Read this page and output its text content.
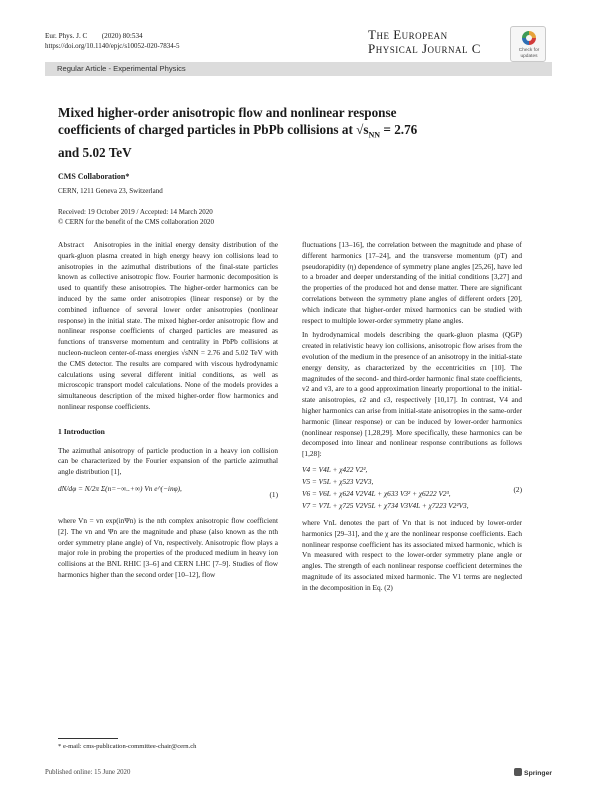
Eur. Phys. J. C (2020) 80:534
https://doi.org/10.1140/epjc/s10052-020-7834-5
The European
Physical Journal C	Check for
updates
Regular Article - Experimental Physics
Mixed higher-order anisotropic flow and nonlinear response
coefficients of charged particles in PbPb collisions at $√s_{NN} = 2.76$
and 5.02 TeV
CMS Collaboration*
CERN, 1211 Geneva 23, Switzerland
Received: 19 October 2019 / Accepted: 14 March 2020
© CERN for the benefit of the CMS collaboration 2020

Abstract Anisotropies in the initial energy density distribution of the quark-gluon plasma created in high energy heavy ion collisions lead to anisotropies in the azimuthal distributions of the final-state particles known as collective anisotropic flow. Fourier harmonic decomposition is used to quantify these anisotropies. The higher-order harmonics can be induced by the same order anisotropies (linear response) or by the combined influence of several lower order anisotropies (nonlinear response) in the initial state. The mixed higher-order anisotropic flow and nonlinear response coefficients of charged particles are measured as functions of transverse momentum and centrality in PbPb collisions at nucleon-nucleon center-of-mass energies √sNN = 2.76 and 5.02 TeV with the CMS detector. The results are compared with viscous hydrodynamic calculations using several different initial conditions, as well as microscopic transport model calculations. None of the models provides a simultaneous description of the mixed higher-order flow harmonics and nonlinear response coefficients.

1 Introduction

The azimuthal anisotropy of particle production in a heavy ion collision can be characterized by the Fourier expansion of the particle azimuthal angle distribution [1],

dN/dφ = N/2π Σ(n=−∞..+∞) Vn e^(−inφ),
(1)

where Vn = vn exp(inΨn) is the nth complex anisotropic flow coefficient [2]. The vn and Ψn are the magnitude and phase (also known as the nth order symmetry plane angle) of Vn, respectively. Anisotropic flow plays a major role in probing the properties of the produced medium in heavy ion collisions at the BNL RHIC [3–6] and CERN LHC [7–9]. Studies of flow harmonics higher than the second order [10–12], flow

fluctuations [13–16], the correlation between the magnitude and phase of different harmonics [17–24], and the transverse momentum (pT) and pseudorapidity (η) dependence of symmetry plane angles [25,26], have led to a broader and deeper understanding of the initial conditions [3,27] and the properties of the produced hot and dense matter. There are significant correlations between the symmetry plane angles of different orders [20], which indicate that higher-order mixed harmonics can be studied with respect to multiple lower-order symmetry plane angles.

In hydrodynamical models describing the quark-gluon plasma (QGP) created in relativistic heavy ion collisions, anisotropic flow arises from the evolution of the medium in the presence of an anisotropy in the initial-state energy density, as characterized by the eccentricities εn [10]. The magnitudes of the second- and third-order harmonic final state coefficients, v2 and v3, are to a good approximation linearly proportional to the initial-state anisotropies, ε2 and ε3, respectively [10,17]. In contrast, V4 and higher harmonics can arise from initial-state anisotropies in the same-order harmonic (linear response) or can be induced by lower-order harmonics (nonlinear response) [1,28,29]. More specifically, these harmonics can be decomposed into linear and nonlinear response contributions as follows [1,28]:

V4 = V4L + χ422 V2²,
V5 = V5L + χ523 V2V3,
V6 = V6L + χ624 V2V4L + χ633 V3² + χ6222 V2³,
V7 = V7L + χ725 V2V5L + χ734 V3V4L + χ7223 V2²V3,
(2)

where VnL denotes the part of Vn that is not induced by lower-order harmonics [29–31], and the χ are the nonlinear response coefficients. Each nonlinear response coefficient has its associated mixed harmonic, which is Vn measured with respect to the lower-order symmetry plane angle or angles. The strength of each nonlinear response coefficient determines the magnitude of its associated mixed harmonic. The V1 terms are neglected in the decomposition in Eq. (2)

* e-mail: cms-publication-committee-chair@cern.ch
Published online: 15 June 2020	Springer
